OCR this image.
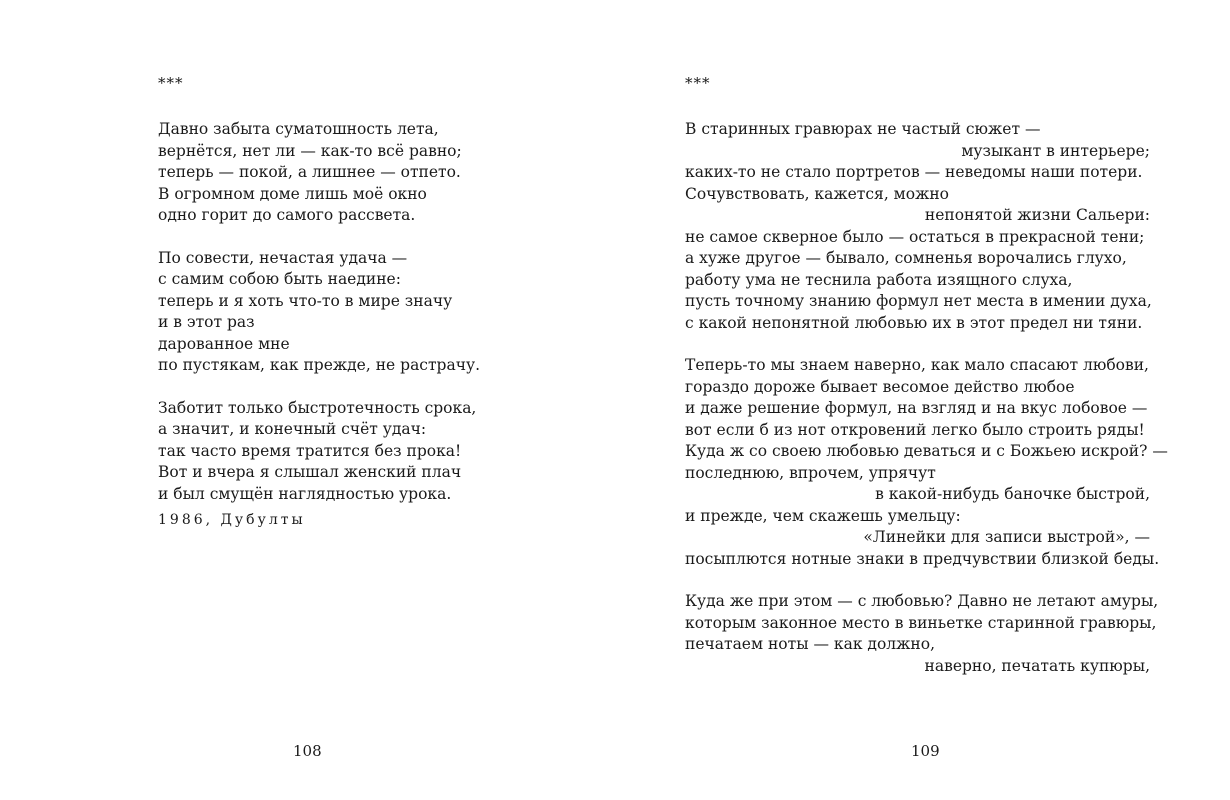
***
Давно забыта суматошность лета,
вернётся, нет ли — как-то всё равно;
теперь — покой, а лишнее — отпето.
В огромном доме лишь моё окно
одно горит до самого рассвета.
По совести, нечастая удача —
с самим собою быть наедине:
теперь и я хоть что-то в мире значу
и в этот раз
дарованное мне
по пустякам, как прежде, не растрачу.
Заботит только быстротечность срока,
а значит, и конечный счёт удач:
так часто время тратится без прока!
Вот и вчера я слышал женский плач
и был смущён наглядностью урока.
1986, Дубулты
108
***
В старинных гравюрах не частый сюжет —
музыкант в интерьере;
каких-то не стало портретов — неведомы наши потери.
Сочувствовать, кажется, можно
непонятой жизни Сальери:
не самое скверное было — остаться в прекрасной тени;
а хуже другое — бывало, сомненья ворочались глухо,
работу ума не теснила работа изящного слуха,
пусть точному знанию формул нет места в имении духа,
с какой непонятной любовью их в этот предел ни тяни.
Теперь-то мы знаем наверно, как мало спасают любови,
гораздо дороже бывает весомое действо любое
и даже решение формул, на взгляд и на вкус лобовое —
вот если б из нот откровений легко было строить ряды!
Куда ж со своею любовью деваться и с Божьею искрой? —
последнюю, впрочем, упрячут
в какой-нибудь баночке быстрой,
и прежде, чем скажешь умельцу:
«Линейки для записи выстрой», —
посыплются нотные знаки в предчувствии близкой беды.
Куда же при этом — с любовью? Давно не летают амуры,
которым законное место в виньетке старинной гравюры,
печатаем ноты — как должно,
наверно, печатать купюры,
109
